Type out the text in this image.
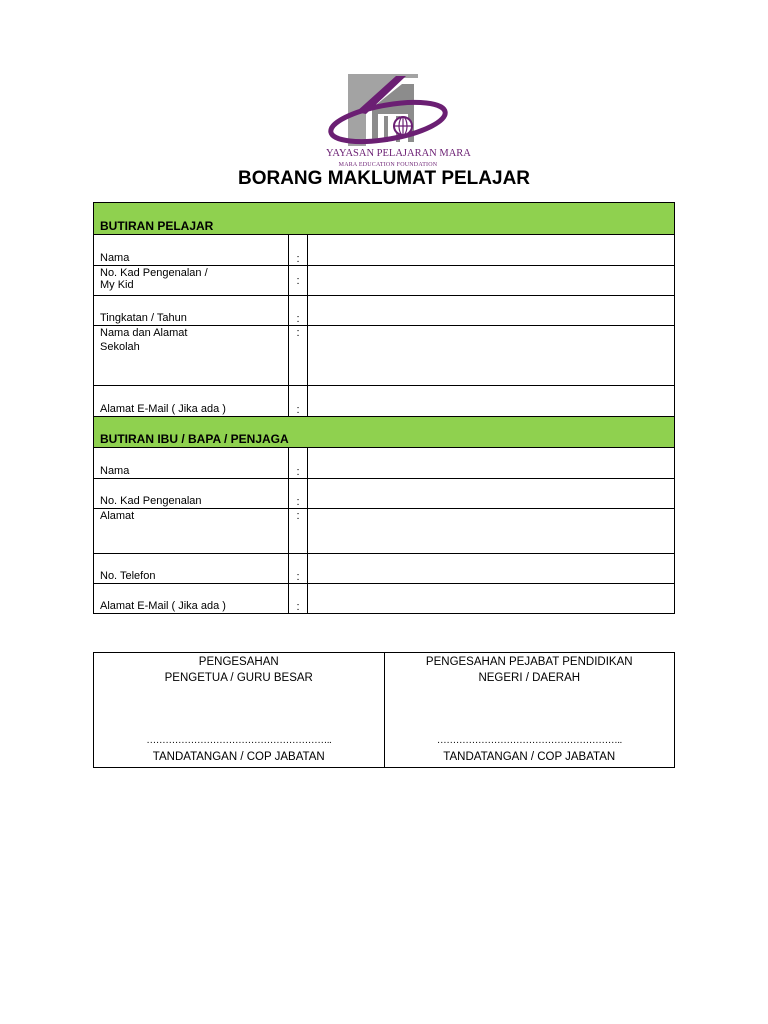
YAYASAN PELAJARAN MARA
MARA EDUCATION FOUNDATION
BORANG MAKLUMAT PELAJAR
BUTIRAN PELAJAR		
Nama	:	

No. Kad Pengenalan /
My Kid	:	
Tingkatan / Tahun	:	

Nama dan Alamat
Sekolah	:	
Alamat E-Mail ( Jika ada )	:	
BUTIRAN IBU / BAPA / PENJAGA		
Nama	:	
No. Kad Pengenalan	:	
Alamat	:	
No. Telefon	:	
Alamat E-Mail ( Jika ada )	:	
PENGESAHAN
PENGETUA / GURU BESAR
…………………………………………………..
TANDATANGAN / COP JABATAN

PENGESAHAN PEJABAT PENDIDIKAN
NEGERI / DAERAH
…………………………………………………..
TANDATANGAN / COP JABATAN
